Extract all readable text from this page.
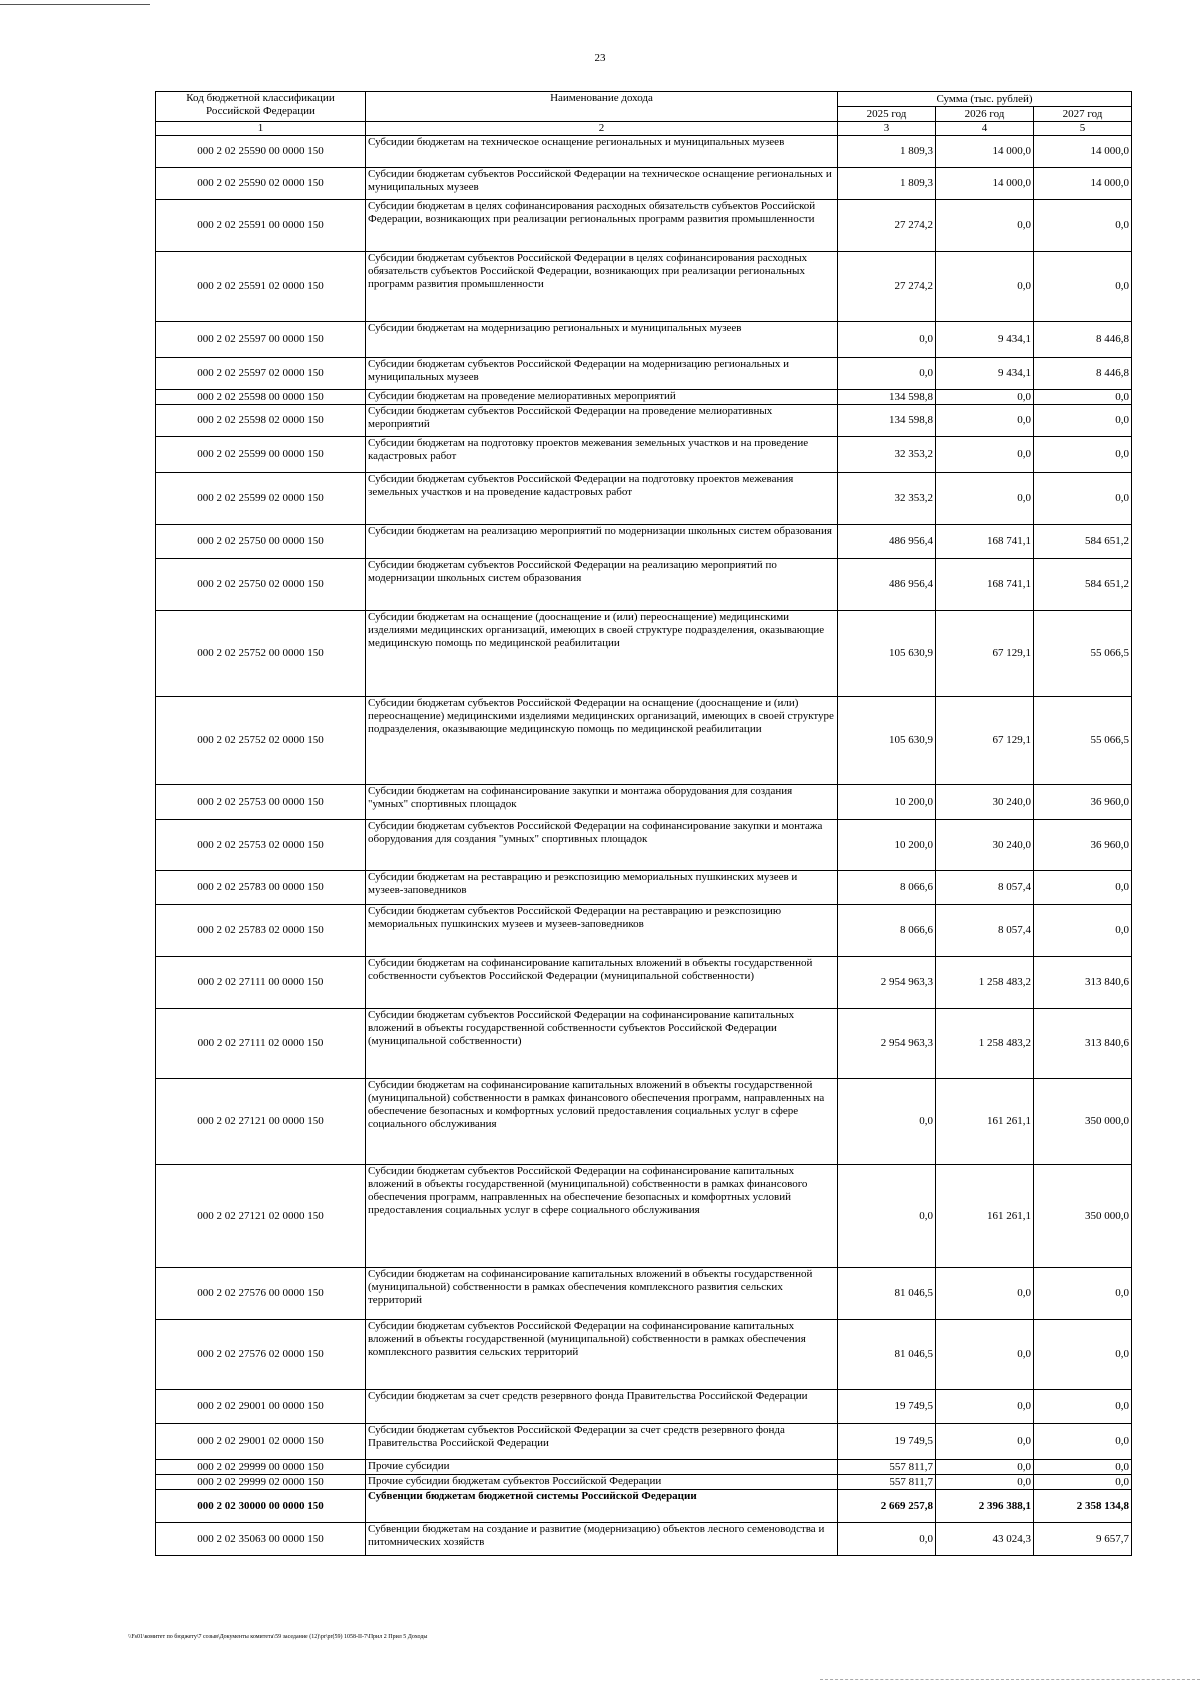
23
Код бюджетной классификации Российской Федерации	Наименование дохода	Сумма (тыс. рублей)		
		2025 год	2026 год	2027 год
1	2	3	4	5
000 2 02 25590 00 0000 150	Субсидии бюджетам на техническое оснащение региональных и муниципальных музеев	1 809,3	14 000,0	14 000,0
000 2 02 25590 02 0000 150	Субсидии бюджетам субъектов Российской Федерации на техническое оснащение региональных и муниципальных музеев	1 809,3	14 000,0	14 000,0
000 2 02 25591 00 0000 150	Субсидии бюджетам в целях софинансирования расходных обязательств субъектов Российской Федерации, возникающих при реализации региональных программ развития промышленности	27 274,2	0,0	0,0
000 2 02 25591 02 0000 150	Субсидии бюджетам субъектов Российской Федерации в целях софинансирования расходных обязательств субъектов Российской Федерации, возникающих при реализации региональных программ развития промышленности	27 274,2	0,0	0,0
000 2 02 25597 00 0000 150	Субсидии бюджетам на модернизацию региональных и муниципальных музеев	0,0	9 434,1	8 446,8
000 2 02 25597 02 0000 150	Субсидии бюджетам субъектов Российской Федерации на модернизацию региональных и муниципальных музеев	0,0	9 434,1	8 446,8
000 2 02 25598 00 0000 150	Субсидии бюджетам на проведение мелиоративных мероприятий	134 598,8	0,0	0,0
000 2 02 25598 02 0000 150	Субсидии бюджетам субъектов Российской Федерации на проведение мелиоративных мероприятий	134 598,8	0,0	0,0
000 2 02 25599 00 0000 150	Субсидии бюджетам на подготовку проектов межевания земельных участков и на проведение кадастровых работ	32 353,2	0,0	0,0
000 2 02 25599 02 0000 150	Субсидии бюджетам субъектов Российской Федерации на подготовку проектов межевания земельных участков и на проведение кадастровых работ	32 353,2	0,0	0,0
000 2 02 25750 00 0000 150	Субсидии бюджетам на реализацию мероприятий по модернизации школьных систем образования	486 956,4	168 741,1	584 651,2
000 2 02 25750 02 0000 150	Субсидии бюджетам субъектов Российской Федерации на реализацию мероприятий по модернизации школьных систем образования	486 956,4	168 741,1	584 651,2
000 2 02 25752 00 0000 150	Субсидии бюджетам на оснащение (дооснащение и (или) переоснащение) медицинскими изделиями медицинских организаций, имеющих в своей структуре подразделения, оказывающие медицинскую помощь по медицинской реабилитации	105 630,9	67 129,1	55 066,5
000 2 02 25752 02 0000 150	Субсидии бюджетам субъектов Российской Федерации на оснащение (дооснащение и (или) переоснащение) медицинскими изделиями медицинских организаций, имеющих в своей структуре подразделения, оказывающие медицинскую помощь по медицинской реабилитации	105 630,9	67 129,1	55 066,5
000 2 02 25753 00 0000 150	Субсидии бюджетам на софинансирование закупки и монтажа оборудования для создания "умных" спортивных площадок	10 200,0	30 240,0	36 960,0
000 2 02 25753 02 0000 150	Субсидии бюджетам субъектов Российской Федерации на софинансирование закупки и монтажа оборудования для создания "умных" спортивных площадок	10 200,0	30 240,0	36 960,0
000 2 02 25783 00 0000 150	Субсидии бюджетам на реставрацию и реэкспозицию мемориальных пушкинских музеев и музеев-заповедников	8 066,6	8 057,4	0,0
000 2 02 25783 02 0000 150	Субсидии бюджетам субъектов Российской Федерации на реставрацию и реэкспозицию мемориальных пушкинских музеев и музеев-заповедников	8 066,6	8 057,4	0,0
000 2 02 27111 00 0000 150	Субсидии бюджетам на софинансирование капитальных вложений в объекты государственной собственности субъектов Российской Федерации (муниципальной собственности)	2 954 963,3	1 258 483,2	313 840,6
000 2 02 27111 02 0000 150	Субсидии бюджетам субъектов Российской Федерации на софинансирование капитальных вложений в объекты государственной собственности субъектов Российской Федерации (муниципальной собственности)	2 954 963,3	1 258 483,2	313 840,6
000 2 02 27121 00 0000 150	Субсидии бюджетам на софинансирование капитальных вложений в объекты государственной (муниципальной) собственности в рамках финансового обеспечения программ, направленных на обеспечение безопасных и комфортных условий предоставления социальных услуг в сфере социального обслуживания	0,0	161 261,1	350 000,0
000 2 02 27121 02 0000 150	Субсидии бюджетам субъектов Российской Федерации на софинансирование капитальных вложений в объекты государственной (муниципальной) собственности в рамках финансового обеспечения программ, направленных на обеспечение безопасных и комфортных условий предоставления социальных услуг в сфере социального обслуживания	0,0	161 261,1	350 000,0
000 2 02 27576 00 0000 150	Субсидии бюджетам на софинансирование капитальных вложений в объекты государственной (муниципальной) собственности в рамках обеспечения комплексного развития сельских территорий	81 046,5	0,0	0,0
000 2 02 27576 02 0000 150	Субсидии бюджетам субъектов Российской Федерации на софинансирование капитальных вложений в объекты государственной (муниципальной) собственности в рамках обеспечения комплексного развития сельских территорий	81 046,5	0,0	0,0
000 2 02 29001 00 0000 150	Субсидии бюджетам за счет средств резервного фонда Правительства Российской Федерации	19 749,5	0,0	0,0
000 2 02 29001 02 0000 150	Субсидии бюджетам субъектов Российской Федерации за счет средств резервного фонда Правительства Российской Федерации	19 749,5	0,0	0,0
000 2 02 29999 00 0000 150	Прочие субсидии	557 811,7	0,0	0,0
000 2 02 29999 02 0000 150	Прочие субсидии бюджетам субъектов Российской Федерации	557 811,7	0,0	0,0
000 2 02 30000 00 0000 150	Субвенции бюджетам бюджетной системы Российской Федерации	2 669 257,8	2 396 388,1	2 358 134,8
000 2 02 35063 00 0000 150	Субвенции бюджетам на создание и развитие (модернизацию) объектов лесного семеноводства и питомнических хозяйств	0,0	43 024,3	9 657,7
\\Fs01\комитет по бюджету\7 созыв\Документы комитета\59 заседание (12)\pr\pr(59) 1058-II-7\Прил 2 Прил 5 Доходы
